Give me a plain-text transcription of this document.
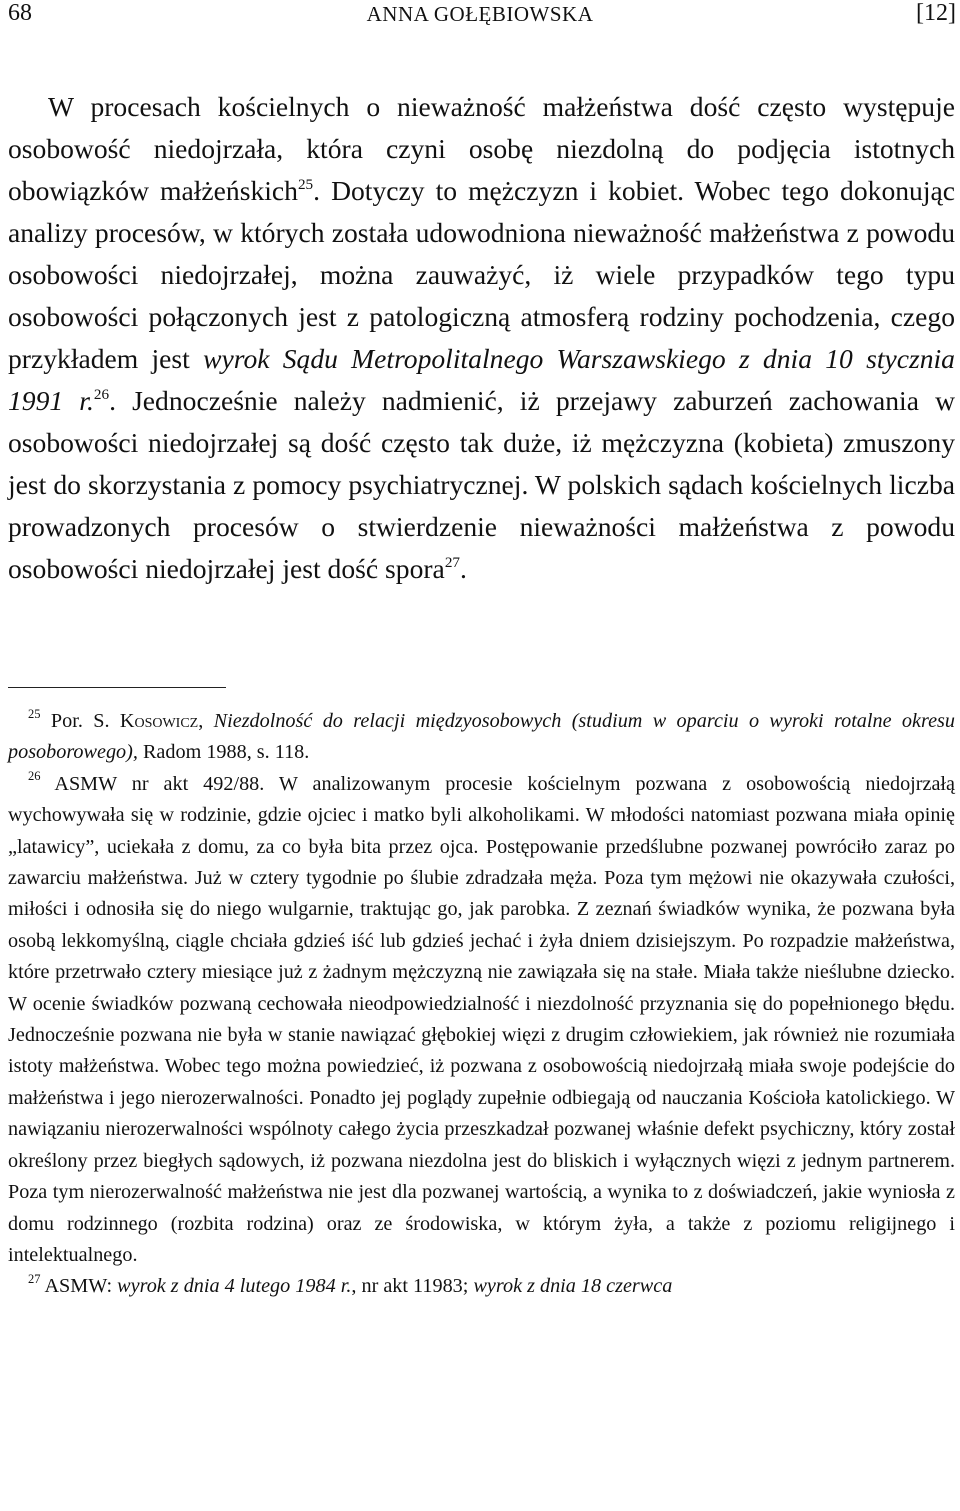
68	ANNA GOŁĘBIOWSKA	[12]

W procesach kościelnych o nieważność małżeństwa dość często występuje osobowość niedojrzała, która czyni osobę niezdolną do podjęcia istotnych obowiązków małżeńskich$^{25}$. Dotyczy to mężczyzn i kobiet. Wobec tego dokonując analizy procesów, w których została udowodniona nieważność małżeństwa z powodu osobowości niedojrzałej, można zauważyć, iż wiele przypadków tego typu osobowości połączonych jest z patologiczną atmosferą rodziny pochodzenia, czego przykładem jest wyrok Sądu Metropolitalnego Warszawskiego z dnia 10 stycznia 1991 r.$^{26}$. Jednocześnie należy nadmienić, iż przejawy zaburzeń zachowania w osobowości niedojrzałej są dość często tak duże, iż mężczyzna (kobieta) zmuszony jest do skorzystania z pomocy psychiatrycznej. W polskich sądach kościelnych liczba prowadzonych procesów o stwierdzenie nieważności małżeństwa z powodu osobowości niedojrzałej jest dość spora$^{27}$.

$^{25}$ Por. S. Kosowicz, Niezdolność do relacji międzyosobowych (studium w oparciu o wyroki rotalne okresu posoborowego), Radom 1988, s. 118.

$^{26}$ ASMW nr akt 492/88. W analizowanym procesie kościelnym pozwana z osobowością niedojrzałą wychowywała się w rodzinie, gdzie ojciec i matko byli alkoholikami. W młodości natomiast pozwana miała opinię „latawicy”, uciekała z domu, za co była bita przez ojca. Postępowanie przedślubne pozwanej powróciło zaraz po zawarciu małżeństwa. Już w cztery tygodnie po ślubie zdradzała męża. Poza tym mężowi nie okazywała czułości, miłości i odnosiła się do niego wulgarnie, traktując go, jak parobka. Z zeznań świadków wynika, że pozwana była osobą lekkomyślną, ciągle chciała gdzieś iść lub gdzieś jechać i żyła dniem dzisiejszym. Po rozpadzie małżeństwa, które przetrwało cztery miesiące już z żadnym mężczyzną nie zawiązała się na stałe. Miała także nieślubne dziecko. W ocenie świadków pozwaną cechowała nieodpowiedzialność i niezdolność przyznania się do popełnionego błędu. Jednocześnie pozwana nie była w stanie nawiązać głębokiej więzi z drugim człowiekiem, jak również nie rozumiała istoty małżeństwa. Wobec tego można powiedzieć, iż pozwana z osobowością niedojrzałą miała swoje podejście do małżeństwa i jego nierozerwalności. Ponadto jej poglądy zupełnie odbiegają od nauczania Kościoła katolickiego. W nawiązaniu nierozerwalności wspólnoty całego życia przeszkadzał pozwanej właśnie defekt psychiczny, który został określony przez biegłych sądowych, iż pozwana niezdolna jest do bliskich i wyłącznych więzi z jednym partnerem. Poza tym nierozerwalność małżeństwa nie jest dla pozwanej wartością, a wynika to z doświadczeń, jakie wyniosła z domu rodzinnego (rozbita rodzina) oraz ze środowiska, w którym żyła, a także z poziomu religijnego i intelektualnego.

$^{27}$ ASMW: wyrok z dnia 4 lutego 1984 r., nr akt 11983; wyrok z dnia 18 czerwca
